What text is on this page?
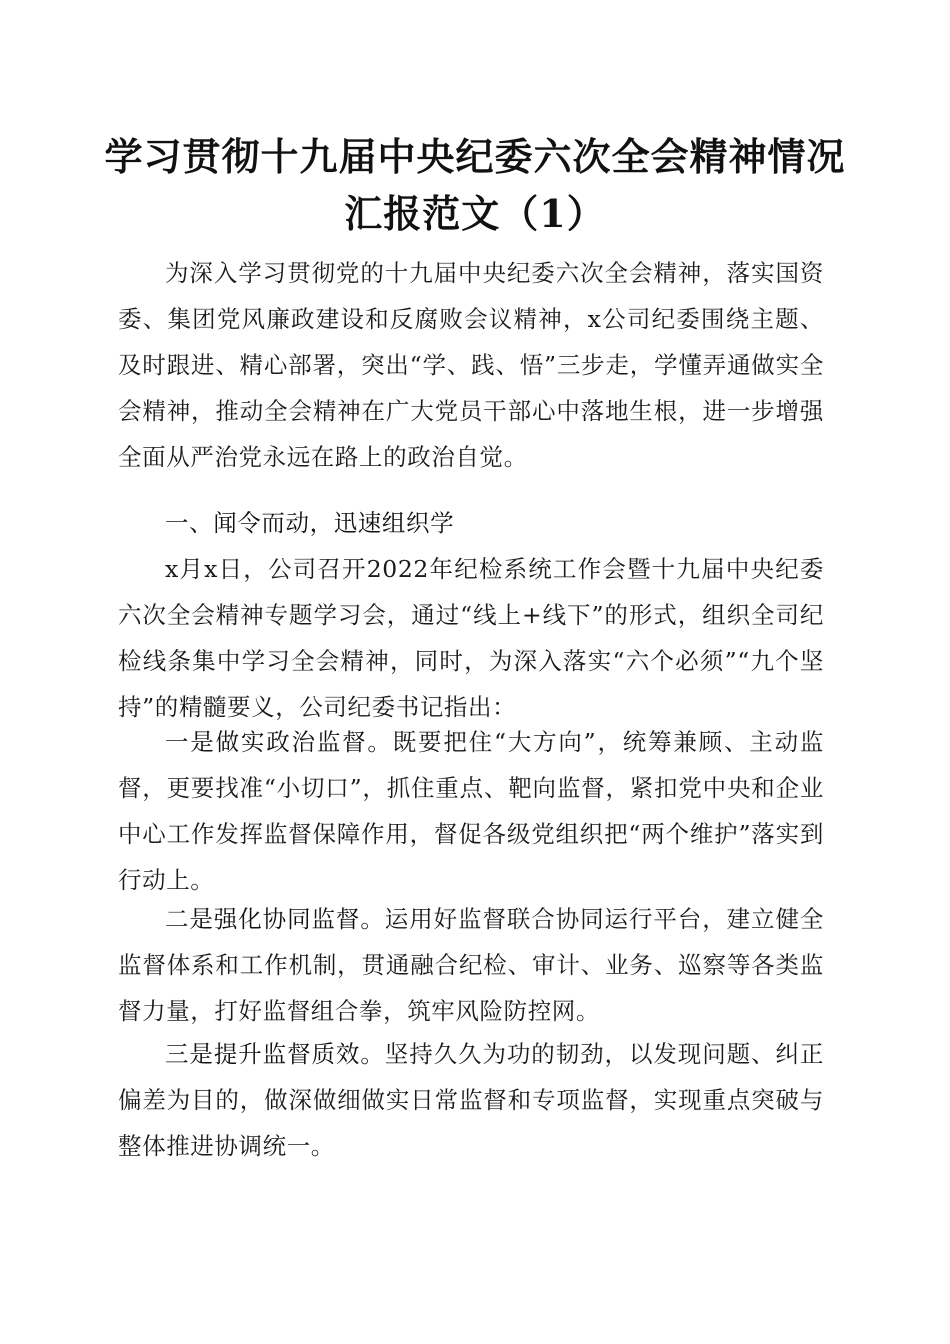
学习贯彻十九届中央纪委六次全会精神情况汇报范文（1）

为深入学习贯彻党的十九届中央纪委六次全会精神，落实国资委、集团党风廉政建设和反腐败会议精神，x公司纪委围绕主题、及时跟进、精心部署，突出“学、践、悟”三步走，学懂弄通做实全会精神，推动全会精神在广大党员干部心中落地生根，进一步增强全面从严治党永远在路上的政治自觉。

一、闻令而动，迅速组织学

x月x日，公司召开2022年纪检系统工作会暨十九届中央纪委六次全会精神专题学习会，通过“线上+线下”的形式，组织全司纪检线条集中学习全会精神，同时，为深入落实“六个必须”“九个坚持”的精髓要义，公司纪委书记指出：

一是做实政治监督。既要把住“大方向”，统筹兼顾、主动监督，更要找准“小切口”，抓住重点、靶向监督，紧扣党中央和企业中心工作发挥监督保障作用，督促各级党组织把“两个维护”落实到行动上。

二是强化协同监督。运用好监督联合协同运行平台，建立健全监督体系和工作机制，贯通融合纪检、审计、业务、巡察等各类监督力量，打好监督组合拳，筑牢风险防控网。

三是提升监督质效。坚持久久为功的韧劲，以发现问题、纠正偏差为目的，做深做细做实日常监督和专项监督，实现重点突破与整体推进协调统一。
